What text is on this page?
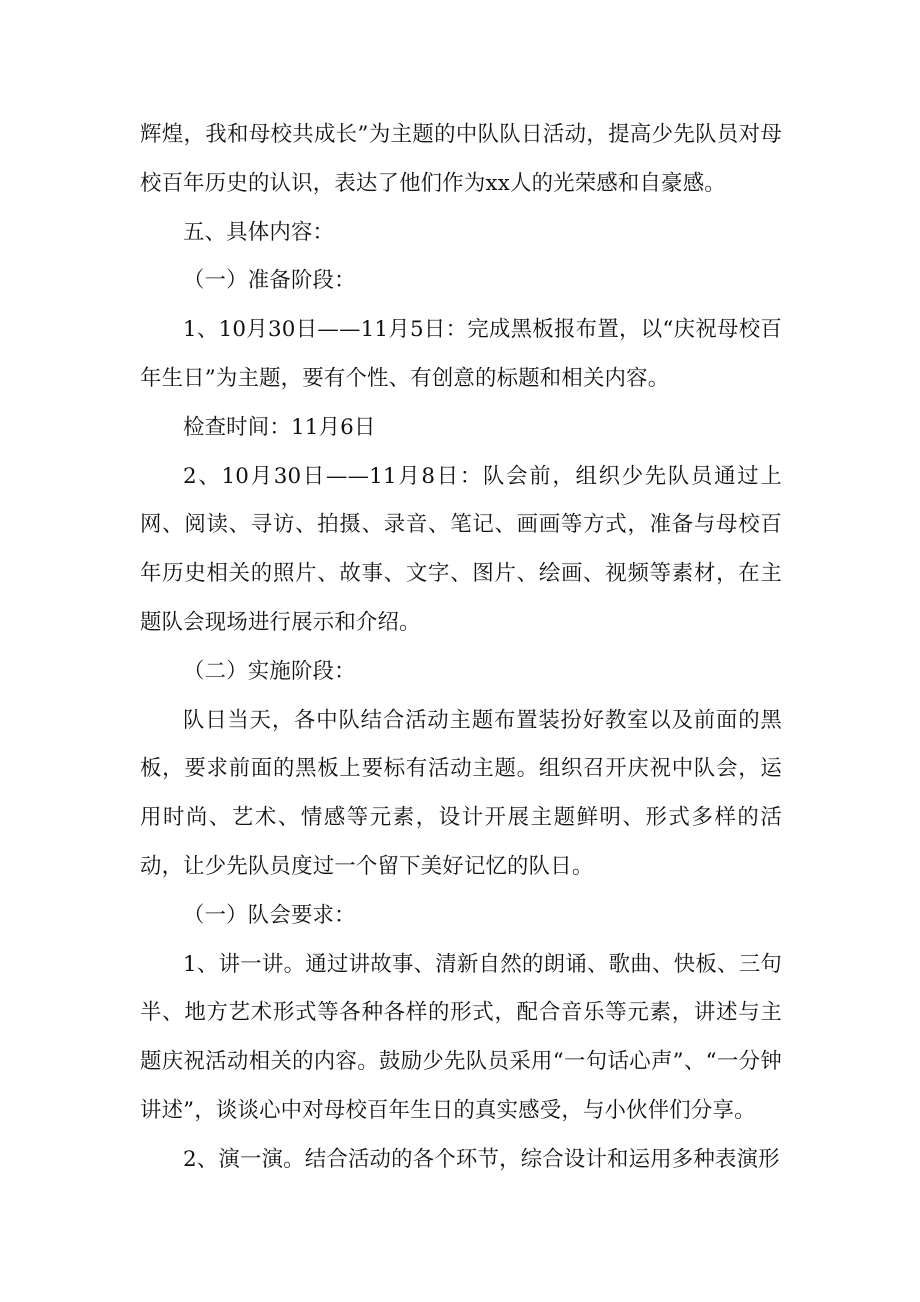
辉煌，我和母校共成长”为主题的中队队日活动，提高少先队员对母校百年历史的认识，表达了他们作为xx人的光荣感和自豪感。

五、具体内容：

（一）准备阶段：

1、10月30日——11月5日：完成黑板报布置，以“庆祝母校百年生日”为主题，要有个性、有创意的标题和相关内容。

检查时间：11月6日

2、10月30日——11月8日：队会前，组织少先队员通过上网、阅读、寻访、拍摄、录音、笔记、画画等方式，准备与母校百年历史相关的照片、故事、文字、图片、绘画、视频等素材，在主题队会现场进行展示和介绍。

（二）实施阶段：

队日当天，各中队结合活动主题布置装扮好教室以及前面的黑板，要求前面的黑板上要标有活动主题。组织召开庆祝中队会，运用时尚、艺术、情感等元素，设计开展主题鲜明、形式多样的活动，让少先队员度过一个留下美好记忆的队日。

（一）队会要求：

1、讲一讲。通过讲故事、清新自然的朗诵、歌曲、快板、三句半、地方艺术形式等各种各样的形式，配合音乐等元素，讲述与主题庆祝活动相关的内容。鼓励少先队员采用“一句话心声”、“一分钟讲述”，谈谈心中对母校百年生日的真实感受，与小伙伴们分享。

2、演一演。结合活动的各个环节，综合设计和运用多种表演形
